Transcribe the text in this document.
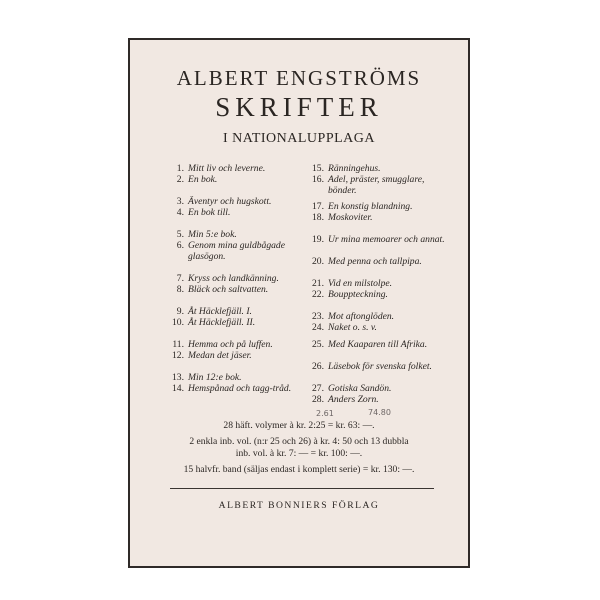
ALBERT ENGSTRÖMS
SKRIFTER
I NATIONALUPPLAGA
1. Mitt liv och leverne.
2. En bok.
3. Äventyr och hugskott.
4. En bok till.
5. Min 5:e bok.
6. Genom mina guldbågade glasögon.
7. Kryss och landkänning.
8. Bläck och saltvatten.
9. Åt Häcklefjäll. I.
10. Åt Häcklefjäll. II.
11. Hemma och på luffen.
12. Medan det jäser.
13. Min 12:e bok.
14. Hemspånad och tagg-tråd.
15. Ränningehus.
16. Adel, präster, smugglare, bönder.
17. En konstig blandning.
18. Moskoviter.
19. Ur mina memoarer och annat.
20. Med penna och tallpipa.
21. Vid en milstolpe.
22. Bouppteckning.
23. Mot aftonglöden.
24. Naket o. s. v.
25. Med Kaaparen till Afrika.
26. Läsebok för svenska folket.
27. Gotiska Sandön.
28. Anders Zorn.
2.61	74.80
28 häft. volymer à kr. 2:25 = kr. 63: —.
2 enkla inb. vol. (n:r 25 och 26) à kr. 4: 50 och 13 dubbla
inb. vol. à kr. 7: — = kr. 100: —.
15 halvfr. band (säljas endast i komplett serie) = kr. 130: —.
ALBERT BONNIERS FÖRLAG
